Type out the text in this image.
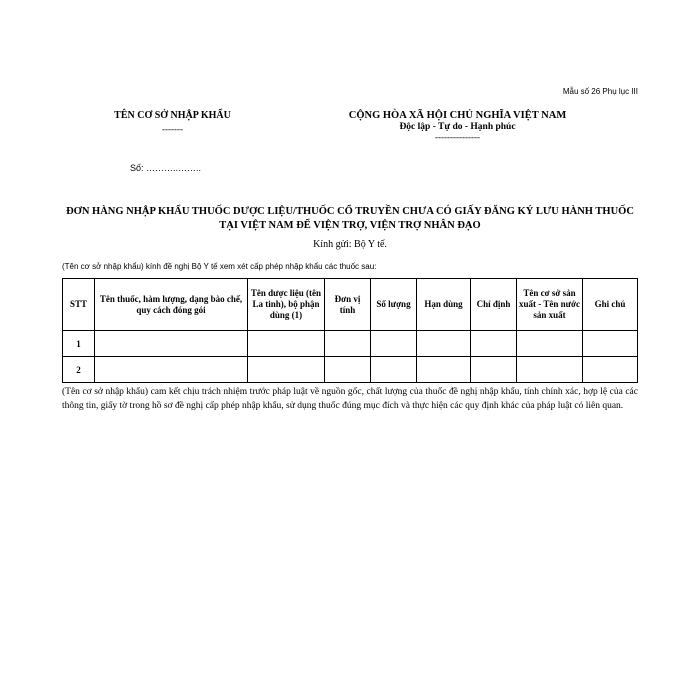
Mẫu số 26 Phụ lục III
TÊN CƠ SỞ NHẬP KHẨU
-------
CỘNG HÒA XÃ HỘI CHỦ NGHĨA VIỆT NAM
Độc lập - Tự do - Hạnh phúc
---------------
Số: ………..……..
ĐƠN HÀNG NHẬP KHẨU THUỐC DƯỢC LIỆU/THUỐC CỔ TRUYỀN CHƯA CÓ GIẤY ĐĂNG KÝ LƯU HÀNH THUỐC TẠI VIỆT NAM ĐỂ VIỆN TRỢ, VIỆN TRỢ NHÂN ĐẠO
Kính gửi: Bộ Y tế.
(Tên cơ sở nhập khẩu) kính đề nghị Bộ Y tế xem xét cấp phép nhập khẩu các thuốc sau:
STT	Tên thuốc, hàm lượng, dạng bào chế, quy cách đóng gói	Tên dược liệu (tên La tinh), bộ phận dùng (1)	Đơn vị tính	Số lượng	Hạn dùng	Chỉ định	Tên cơ sở sản xuất - Tên nước sản xuất	Ghi chú
1								
2								
(Tên cơ sở nhập khẩu) cam kết chịu trách nhiệm trước pháp luật về nguồn gốc, chất lượng của thuốc đề nghị nhập khẩu, tính chính xác, hợp lệ của các thông tin, giấy tờ trong hồ sơ đề nghị cấp phép nhập khẩu, sử dụng thuốc đúng mục đích và thực hiện các quy định khác của pháp luật có liên quan.
